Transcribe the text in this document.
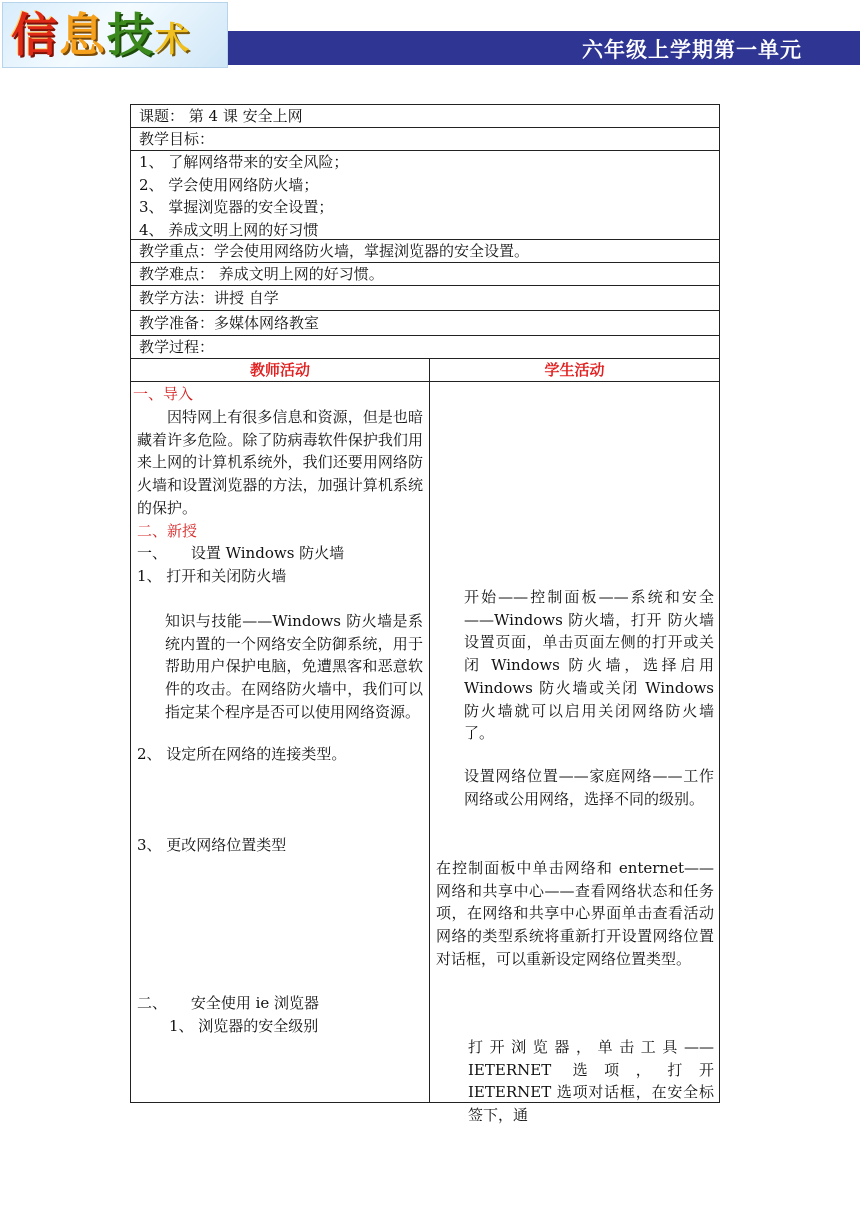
信息技术	六年级上学期第一单元
课题： 第 4 课 安全上网
教学目标：
1、 了解网络带来的安全风险；
2、 学会使用网络防火墙；
3、 掌握浏览器的安全设置；
4、 养成文明上网的好习惯
教学重点：学会使用网络防火墙，掌握浏览器的安全设置。
教学难点： 养成文明上网的好习惯。
教学方法：讲授 自学
教学准备：多媒体网络教室
教学过程：
教师活动	学生活动
一、导入
因特网上有很多信息和资源，但是也暗藏着许多危险。除了防病毒软件保护我们用来上网的计算机系统外，我们还要用网络防火墙和设置浏览器的方法，加强计算机系统的保护。
二、新授
一、     设置 Windows 防火墙
1、 打开和关闭防火墙
知识与技能——Windows 防火墙是系统内置的一个网络安全防御系统，用于帮助用户保护电脑，免遭黑客和恶意软件的攻击。在网络防火墙中，我们可以指定某个程序是否可以使用网络资源。
2、 设定所在网络的连接类型。
3、 更改网络位置类型
二、     安全使用 ie 浏览器
1、 浏览器的安全级别
开始——控制面板——系统和安全——Windows 防火墙，打开 防火墙设置页面，单击页面左侧的打开或关闭 Windows 防火墙，选择启用 Windows 防火墙或关闭 Windows 防火墙就可以启用关闭网络防火墙了。
设置网络位置——家庭网络——工作网络或公用网络，选择不同的级别。
在控制面板中单击网络和 enternet——网络和共享中心——查看网络状态和任务项，在网络和共享中心界面单击查看活动网络的类型系统将重新打开设置网络位置对话框，可以重新设定网络位置类型。
打开浏览器，单击工具——IETERNET 选项，打开 IETERNET 选项对话框，在安全标签下，通
